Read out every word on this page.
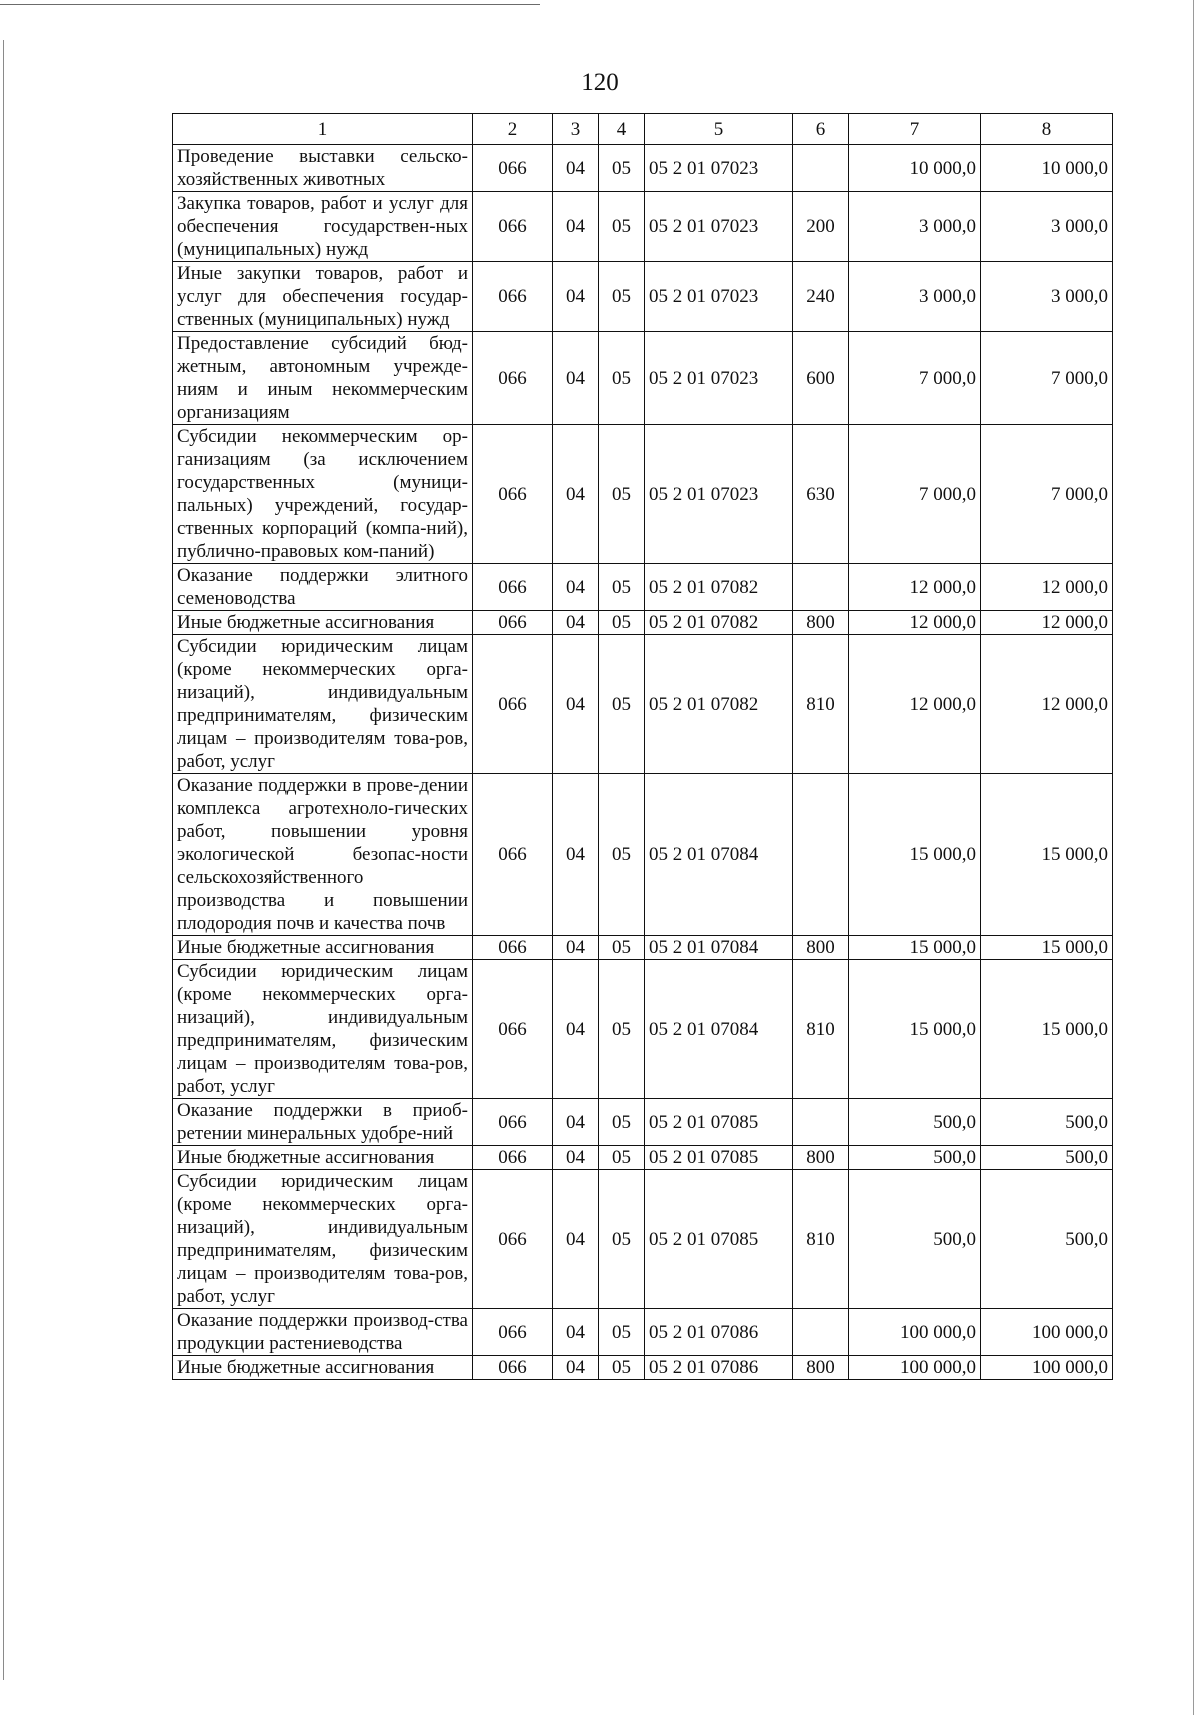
120
1	2	3	4	5	6	7	8
Проведение выставки сельско-хозяйственных животных	066	04	05	05 2 01 07023		10 000,0	10 000,0
Закупка товаров, работ и услуг для обеспечения государствен-ных (муниципальных) нужд	066	04	05	05 2 01 07023	200	3 000,0	3 000,0
Иные закупки товаров, работ и услуг для обеспечения государ-ственных (муниципальных) нужд	066	04	05	05 2 01 07023	240	3 000,0	3 000,0
Предоставление субсидий бюд-жетным, автономным учрежде-ниям и иным некоммерческим организациям	066	04	05	05 2 01 07023	600	7 000,0	7 000,0
Субсидии некоммерческим ор-ганизациям (за исключением государственных (муници-пальных) учреждений, государ-ственных корпораций (компа-ний), публично-правовых ком-паний)	066	04	05	05 2 01 07023	630	7 000,0	7 000,0
Оказание поддержки элитного семеноводства	066	04	05	05 2 01 07082		12 000,0	12 000,0
Иные бюджетные ассигнования	066	04	05	05 2 01 07082	800	12 000,0	12 000,0
Субсидии юридическим лицам (кроме некоммерческих орга-низаций), индивидуальным предпринимателям, физическим лицам – производителям това-ров, работ, услуг	066	04	05	05 2 01 07082	810	12 000,0	12 000,0
Оказание поддержки в прове-дении комплекса агротехноло-гических работ, повышении уровня экологической безопас-ности сельскохозяйственного производства и повышении плодородия почв и качества почв	066	04	05	05 2 01 07084		15 000,0	15 000,0
Иные бюджетные ассигнования	066	04	05	05 2 01 07084	800	15 000,0	15 000,0
Субсидии юридическим лицам (кроме некоммерческих орга-низаций), индивидуальным предпринимателям, физическим лицам – производителям това-ров, работ, услуг	066	04	05	05 2 01 07084	810	15 000,0	15 000,0
Оказание поддержки в приоб-ретении минеральных удобре-ний	066	04	05	05 2 01 07085		500,0	500,0
Иные бюджетные ассигнования	066	04	05	05 2 01 07085	800	500,0	500,0
Субсидии юридическим лицам (кроме некоммерческих орга-низаций), индивидуальным предпринимателям, физическим лицам – производителям това-ров, работ, услуг	066	04	05	05 2 01 07085	810	500,0	500,0
Оказание поддержки производ-ства продукции растениеводства	066	04	05	05 2 01 07086		100 000,0	100 000,0
Иные бюджетные ассигнования	066	04	05	05 2 01 07086	800	100 000,0	100 000,0
